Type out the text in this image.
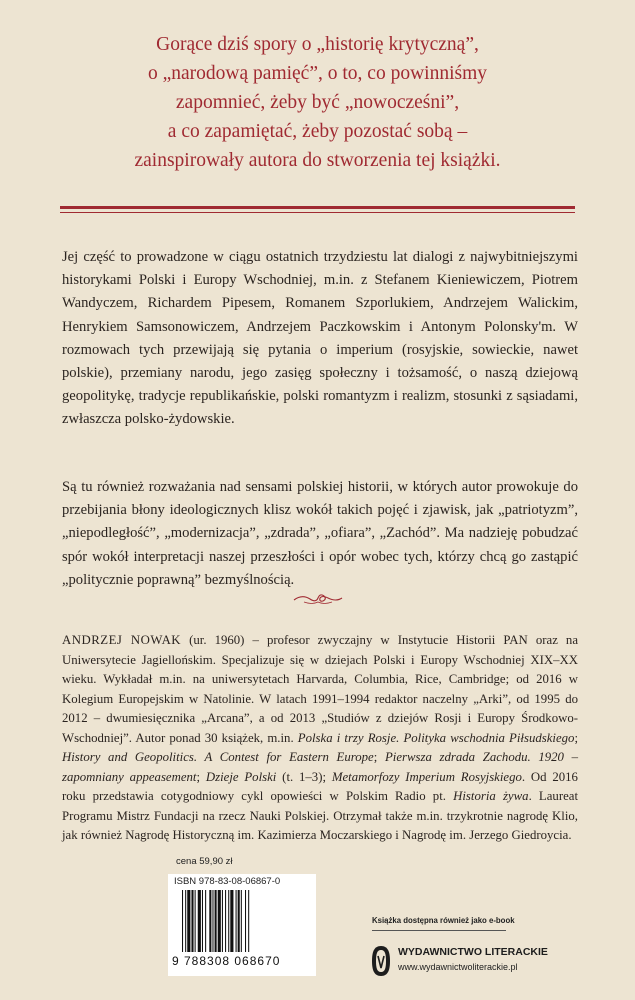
Gorące dziś spory o „historię krytyczną”,
o „narodową pamięć”, o to, co powinniśmy
zapomnieć, żeby być „nowocześni”,
a co zapamiętać, żeby pozostać sobą –
zainspirowały autora do stworzenia tej książki.

Jej część to prowadzone w ciągu ostatnich trzydziestu lat dialogi z najwybitniejszymi historykami Polski i Europy Wschodniej, m.in. z Stefanem Kieniewiczem, Piotrem Wandyczem, Richardem Pipesem, Romanem Szporlukiem, Andrzejem Walickim, Henrykiem Samsonowiczem, Andrzejem Paczkowskim i Antonym Polonsky'm. W rozmowach tych przewijają się pytania o imperium (rosyjskie, sowieckie, nawet polskie), przemiany narodu, jego zasięg społeczny i tożsamość, o naszą dziejową geopolitykę, tradycje republikańskie, polski romantyzm i realizm, stosunki z sąsiadami, zwłaszcza polsko-żydowskie.

Są tu również rozważania nad sensami polskiej historii, w których autor prowokuje do przebijania błony ideologicznych klisz wokół takich pojęć i zjawisk, jak „patriotyzm”, „niepodległość”, „modernizacja”, „zdrada”, „ofiara”, „Zachód”. Ma nadzieję pobudzać spór wokół interpretacji naszej przeszłości i opór wobec tych, którzy chcą go zastąpić „politycznie poprawną” bezmyślnością.

ANDRZEJ NOWAK (ur. 1960) – profesor zwyczajny w Instytucie Historii PAN oraz na Uniwersytecie Jagiellońskim. Specjalizuje się w dziejach Polski i Europy Wschodniej XIX–XX wieku. Wykładał m.in. na uniwersytetach Harvarda, Columbia, Rice, Cambridge; od 2016 w Kolegium Europejskim w Natolinie. W latach 1991–1994 redaktor naczelny „Arki”, od 1995 do 2012 – dwumiesięcznika „Arcana”, a od 2013 „Studiów z dziejów Rosji i Europy Środkowo-Wschodniej”. Autor ponad 30 książek, m.in. Polska i trzy Rosje. Polityka wschodnia Piłsudskiego; History and Geopolitics. A Contest for Eastern Europe; Pierwsza zdrada Zachodu. 1920 – zapomniany appeasement; Dzieje Polski (t. 1–3); Metamorfozy Imperium Rosyjskiego. Od 2016 roku przedstawia cotygodniowy cykl opowieści w Polskim Radio pt. Historia żywa. Laureat Programu Mistrz Fundacji na rzecz Nauki Polskiej. Otrzymał także m.in. trzykrotnie nagrodę Klio, jak również Nagrodę Historyczną im. Kazimierza Moczarskiego i Nagrodę im. Jerzego Giedroycia.

cena 59,90 zł
ISBN 978-83-08-06867-0
9 788308 068670
Książka dostępna również jako e-book
WYDAWNICTWO LITERACKIE
www.wydawnictwoliterackie.pl
